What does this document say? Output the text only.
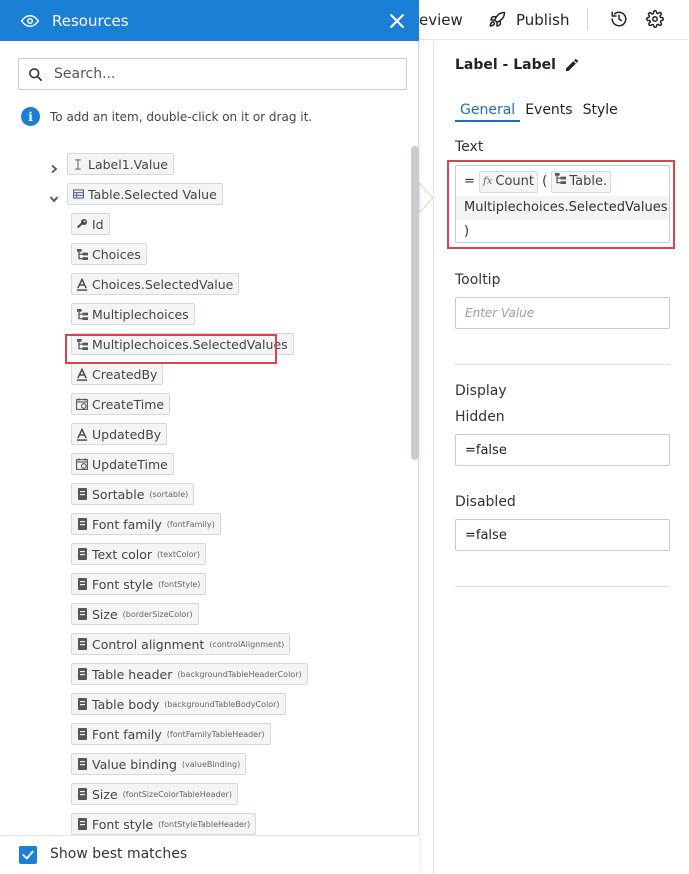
eview	Publish
Label - Label
General Events Style
Text
= fx Count ( Table.
Multiplechoices.SelectedValues
)
Tooltip
Enter Value
Display
Hidden
=false
Disabled
=false
Resources
Search...
i	To add an item, double-click on it or drag it.
Label1.Value
Table.Selected Value
Id
Choices
Choices.SelectedValue
Multiplechoices
Multiplechoices.SelectedValues
CreatedBy
CreateTime
UpdatedBy
UpdateTime
Sortable (sortable)
Font family (fontFamily)
Text color (textColor)
Font style (fontStyle)
Size (borderSizeColor)
Control alignment (controlAlignment)
Table header (backgroundTableHeaderColor)
Table body (backgroundTableBodyColor)
Font family (fontFamilyTableHeader)
Value binding (valueBinding)
Size (fontSizeColorTableHeader)
Font style (fontStyleTableHeader)
Show best matches
